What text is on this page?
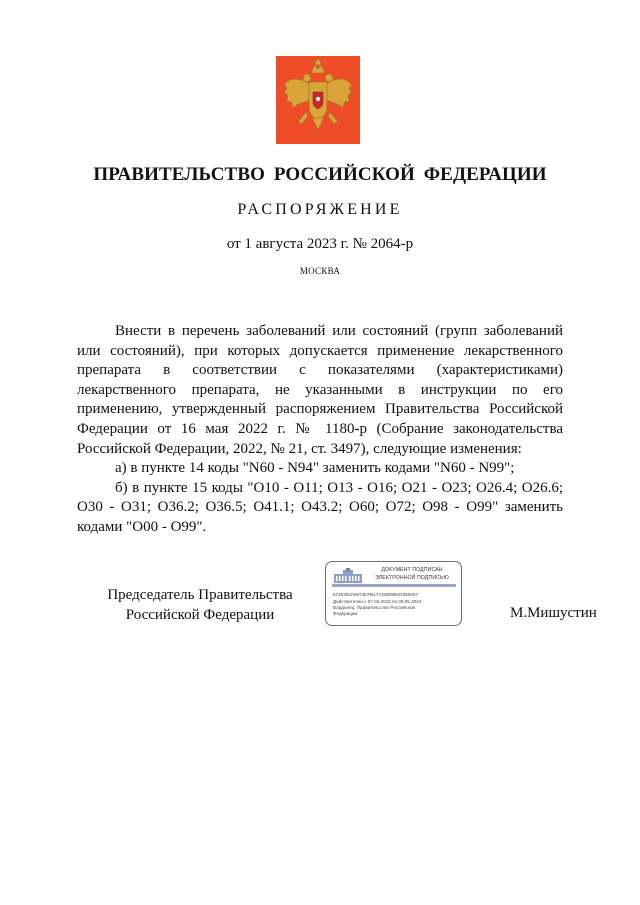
ПРАВИТЕЛЬСТВО РОССИЙСКОЙ ФЕДЕРАЦИИ
РАСПОРЯЖЕНИЕ
от 1 августа 2023 г. № 2064-р
МОСКВА

Внести в перечень заболеваний или состояний (групп заболеваний или состояний), при которых допускается применение лекарственного препарата в соответствии с показателями (характеристиками) лекарственного препарата, не указанными в инструкции по его применению, утвержденный распоряжением Правительства Российской Федерации от 16 мая 2022 г. № 1180-р (Собрание законодательства Российской Федерации, 2022, № 21, ст. 3497), следующие изменения:

а) в пункте 14 коды "N60 - N94" заменить кодами "N60 - N99";

б) в пункте 15 коды "O10 - O11; O13 - O16; O21 - O23; O26.4; O26.6; O30 - O31; O36.2; O36.5; O41.1; O43.2; O60; O72; O98 - O99" заменить кодами "O00 - O99".

Председатель Правительства
Российской Федерации
ДОКУМЕНТ ПОДПИСАН
ЭЛЕКТРОННОЙ ПОДПИСЬЮ
5725303A6974DFB17AD0008622359057
Действителен с 07.03.2023 по 30.05.2024
Владелец: Правительство Российской
Федерации	М.Мишустин
